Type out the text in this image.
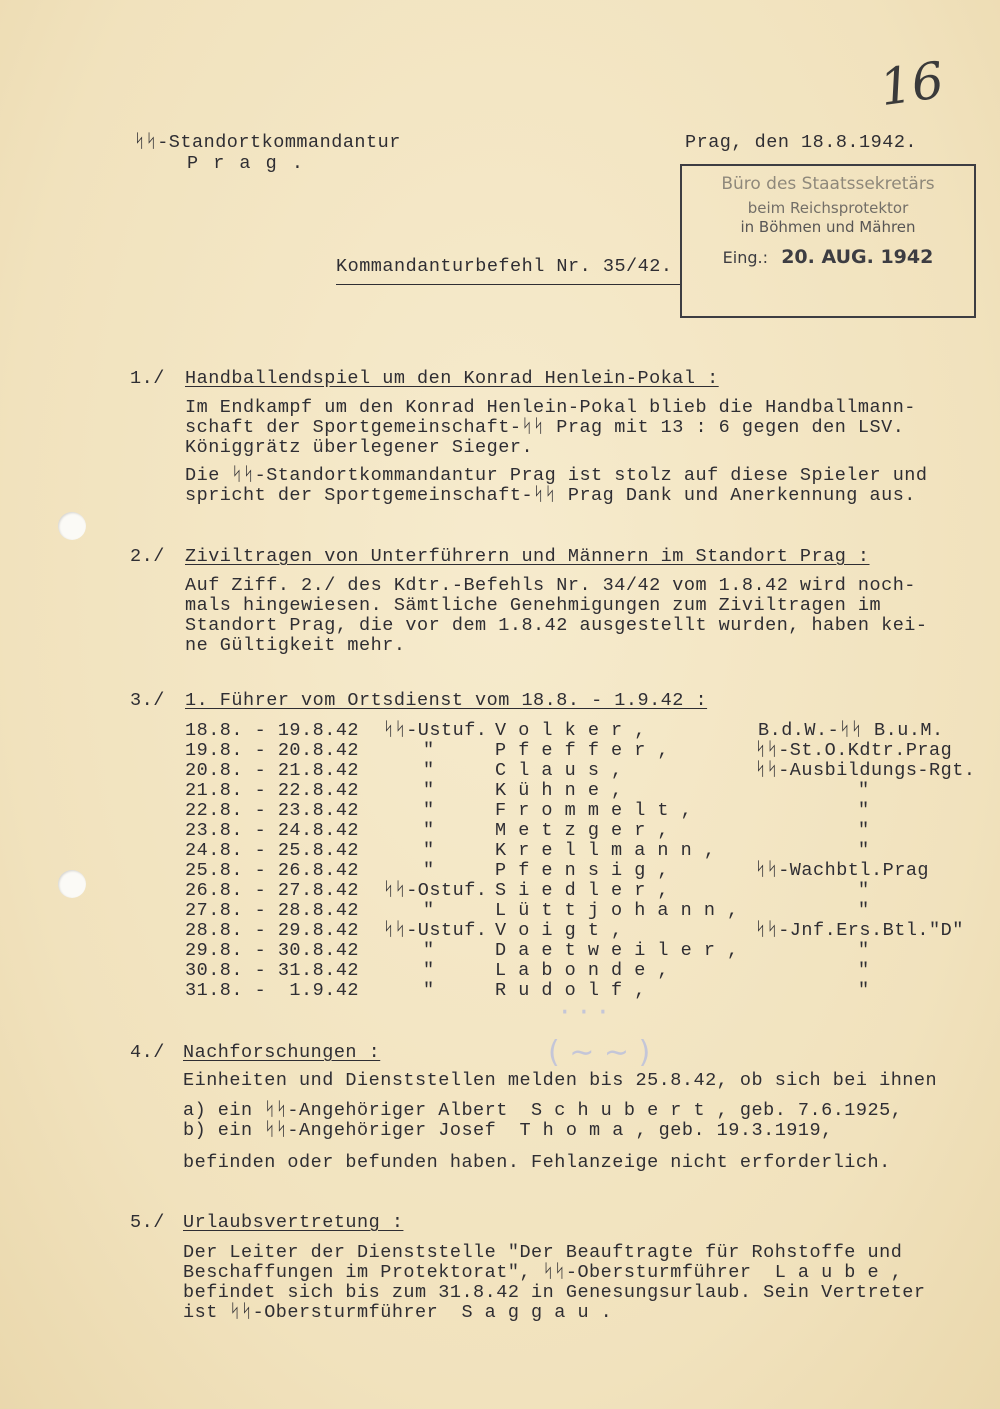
16
ᛋᛋ-Standortkommandantur
P r a g .
Prag, den 18.8.1942.
Büro des Staatssekretärs
beim Reichsprotektor
in Böhmen und Mähren
Eing.: 20. AUG. 1942
Kommandanturbefehl Nr. 35/42.
1./ Handballendspiel um den Konrad Henlein-Pokal :
Im Endkampf um den Konrad Henlein-Pokal blieb die Handballmann-
schaft der Sportgemeinschaft-ᛋᛋ Prag mit 13 : 6 gegen den LSV.
Königgrätz überlegener Sieger.
Die ᛋᛋ-Standortkommandantur Prag ist stolz auf diese Spieler und
spricht der Sportgemeinschaft-ᛋᛋ Prag Dank und Anerkennung aus.
2./ Ziviltragen von Unterführern und Männern im Standort Prag :
Auf Ziff. 2./ des Kdtr.-Befehls Nr. 34/42 vom 1.8.42 wird noch-
mals hingewiesen. Sämtliche Genehmigungen zum Ziviltragen im
Standort Prag, die vor dem 1.8.42 ausgestellt wurden, haben kei-
ne Gültigkeit mehr.
3./ 1. Führer vom Ortsdienst vom 18.8. - 1.9.42 :
18.8. - 19.8.42 ᛋᛋ-Ustuf. V o l k e r ,	B.d.W.-ᛋᛋ B.u.M.
19.8. - 20.8.42	"	P f e f f e r ,	ᛋᛋ-St.O.Kdtr.Prag
20.8. - 21.8.42	"	C l a u s ,	ᛋᛋ-Ausbildungs-Rgt.
21.8. - 22.8.42	"	K ü h n e ,	"
22.8. - 23.8.42	"	F r o m m e l t ,	"
23.8. - 24.8.42	"	M e t z g e r ,	"
24.8. - 25.8.42	"	K r e l l m a n n ,	"
25.8. - 26.8.42	"	P f e n s i g ,	ᛋᛋ-Wachbtl.Prag
26.8. - 27.8.42 ᛋᛋ-Ostuf. S i e d l e r ,	"
27.8. - 28.8.42	"	L ü t t j o h a n n ,	"
28.8. - 29.8.42 ᛋᛋ-Ustuf. V o i g t ,	ᛋᛋ-Jnf.Ers.Btl."D"
29.8. - 30.8.42	"	D a e t w e i l e r ,	"
30.8. - 31.8.42	"	L a b o n d e ,	"
31.8. -  1.9.42	"	R u d o l f ,	"
· · ·
( ∼ ∼ )
4./ Nachforschungen :
Einheiten und Dienststellen melden bis 25.8.42, ob sich bei ihnen
a) ein ᛋᛋ-Angehöriger Albert  S c h u b e r t , geb. 7.6.1925,
b) ein ᛋᛋ-Angehöriger Josef  T h o m a , geb. 19.3.1919,
befinden oder befunden haben. Fehlanzeige nicht erforderlich.
5./ Urlaubsvertretung :
Der Leiter der Dienststelle "Der Beauftragte für Rohstoffe und
Beschaffungen im Protektorat", ᛋᛋ-Obersturmführer  L a u b e ,
befindet sich bis zum 31.8.42 in Genesungsurlaub. Sein Vertreter
ist ᛋᛋ-Obersturmführer  S a g g a u .
